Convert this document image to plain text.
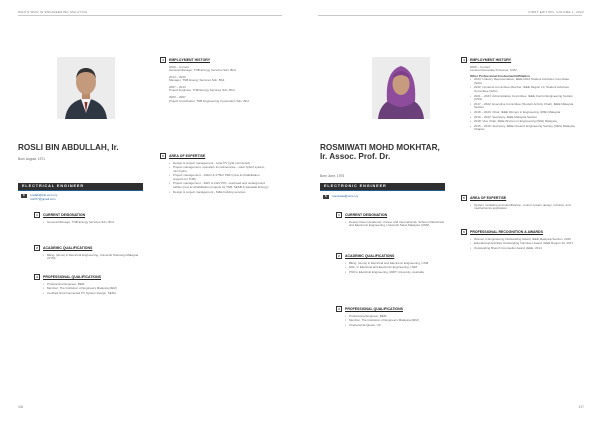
WHO'S WHO IN ENGINEERING MALAYSIA	FIRST EDITION, VOLUME 1, 2022
ROSLI BIN ABDULLAH, Ir.
Born August, 1971
ELECTRICAL ENGINEER
E	rosliab@tnb.com.my
rosli77@gmail.com
1	CURRENT DESIGNATION
• General Manager, TNB Energy Services Sdn. Bhd.
2	ACADEMIC QUALIFICATIONS
• BEng. (Hons) in Electrical Engineering, Universiti Teknologi Malaysia (UTM)
3	PROFESSIONAL QUALIFICATIONS
• Professional Engineer, BEM
• Member, The Institution of Engineers Malaysia (IEM)
• Certified Grid-Connected PV System Design, SEDA
4	EMPLOYMENT HISTORY
2020 – Current
General Manager, TNB Energy Services Sdn. Bhd.
2013 – 2020
Manager, TNB Energy Services Sdn. Bhd.
2007 – 2013
Project Engineer, TNB Energy Services Sdn. Bhd.
2000 – 2007
Project Coordinator, TNB Engineering Corporation Sdn. Bhd.
5	AREA OF EXPERTISE
• Design & project management - solar PV (grid-connected)
• Project management, operation & maintenance - solar hybrid system, mini hydro
• Project management - 132kV & 275kV PMU (new & rehabilitation projects for TNB)
• Project management - 33kV & 11kV PPL, overhead and underground cables (new & rehabilitation projects for TNB, SESB & Sarawak Energy)
• Design & project management - M&E building services
436
ROSMIWATI MOHD MOKHTAR, Ir. Assoc. Prof. Dr.
Born June, 1975
ELECTRONIC ENGINEER
E	rosmiwati@usm.my
1	CURRENT DESIGNATION
• Deputy Dean (Academic, Career and International), School of Electrical and Electronic Engineering, Universiti Sains Malaysia (USM)
2	ACADEMIC QUALIFICATIONS
• BEng. (Hons) in Electrical and Electronic Engineering, USM
• MSc. in Electrical and Electronic Engineering, USM
• PhD in Electrical Engineering, RMIT University, Australia
3	PROFESSIONAL QUALIFICATIONS
• Professional Engineer, BEM
• Member, The Institution of Engineers Malaysia (IEM)
• Chartered Engineer, UK
4	EMPLOYMENT HISTORY
2009 – Current
Lecturer/Associate Professor, USM
Other Professional Involvement/Affiliation
• 2023: Industry Representative, IEEE MGA Student Activities Committee (SAC)
• 2022: Contents Committee Member, IEEE Region 10, Student Activities Committee (SAC)
• 2021 – 2023: Administrative Committee, IEEE Control Engineering Society (CSS)
• 2017 – 2022: Executive Committee (Student Activity Chair), IEEE Malaysia Section
• 2018 – 2020: Chair, IEEE Women in Engineering (WIE) Malaysia
• 2019 – 2022: Secretary, IEEE Malaysia Section
• 2018: Vice Chair, IEEE Women in Engineering (WIE) Malaysia
• 2015 – 2016: Secretary, IEEE Oceanic Engineering Society (OES) Malaysia Chapter
5	AREA OF EXPERTISE
• System modelling and identification, control system design, robotics, and mechatronics application
6	PROFESSIONAL RECOGNITION & AWARDS
• Women in Engineering Outstanding Award, IEEE Malaysia Section, 2020
• Educational Activities Outstanding Volunteer Award, IEEE Region 10, 2017
• Outstanding Branch Counsellor Award, IEEE, 2014
437
